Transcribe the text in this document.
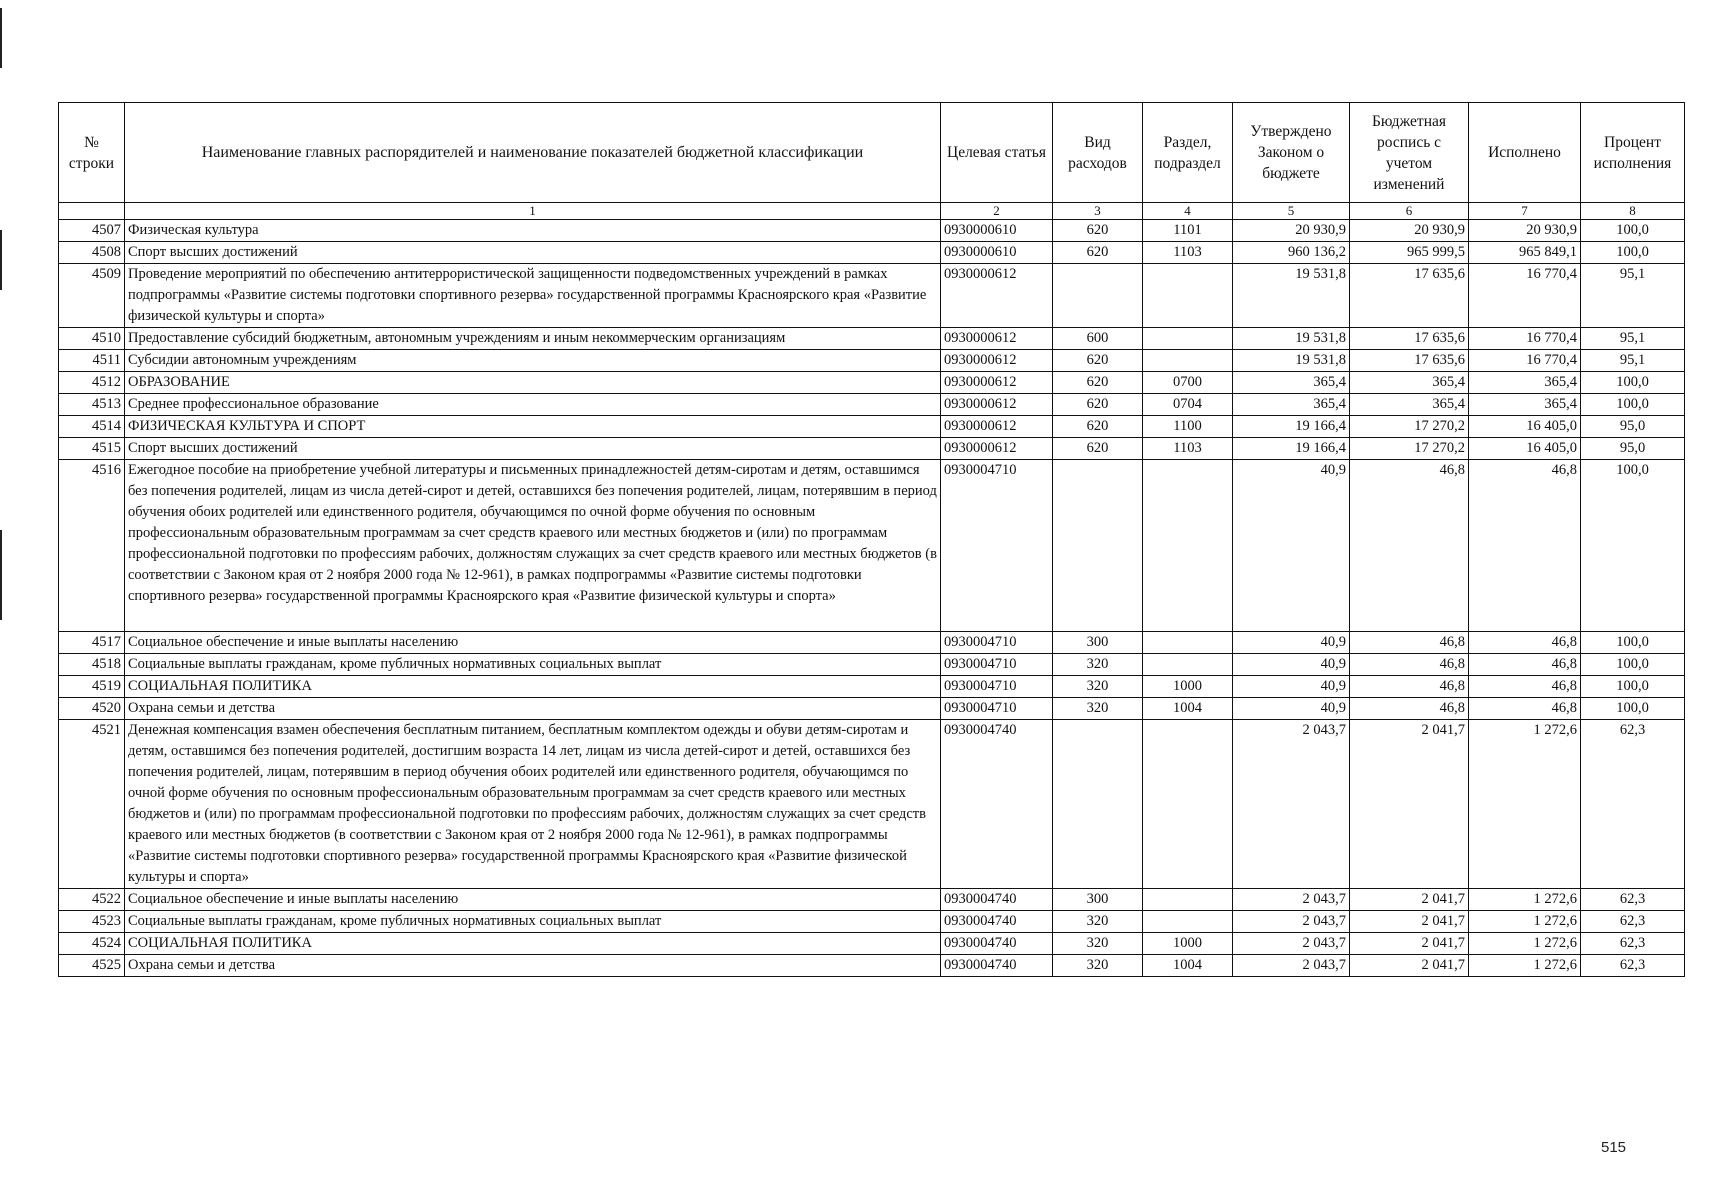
№ строки	Наименование главных распорядителей и наименование показателей бюджетной классификации	Целевая статья	Вид расходов	Раздел, подраздел	Утверждено Законом о бюджете	Бюджетная роспись с учетом изменений	Исполнено	Процент исполнения
	1	2	3	4	5	6	7	8
4507	Физическая культура	0930000610	620	1101	20 930,9	20 930,9	20 930,9	100,0
4508	Спорт высших достижений	0930000610	620	1103	960 136,2	965 999,5	965 849,1	100,0
4509	Проведение мероприятий по обеспечению антитеррористической защищенности подведомственных учреждений в рамках подпрограммы «Развитие системы подготовки спортивного резерва» государственной программы Красноярского края «Развитие физической культуры и спорта»	0930000612			19 531,8	17 635,6	16 770,4	95,1
4510	Предоставление субсидий бюджетным, автономным учреждениям и иным некоммерческим организациям	0930000612	600		19 531,8	17 635,6	16 770,4	95,1
4511	Субсидии автономным учреждениям	0930000612	620		19 531,8	17 635,6	16 770,4	95,1
4512	ОБРАЗОВАНИЕ	0930000612	620	0700	365,4	365,4	365,4	100,0
4513	Среднее профессиональное образование	0930000612	620	0704	365,4	365,4	365,4	100,0
4514	ФИЗИЧЕСКАЯ КУЛЬТУРА И СПОРТ	0930000612	620	1100	19 166,4	17 270,2	16 405,0	95,0
4515	Спорт высших достижений	0930000612	620	1103	19 166,4	17 270,2	16 405,0	95,0
4516	Ежегодное пособие на приобретение учебной литературы и письменных принадлежностей детям-сиротам и детям, оставшимся без попечения родителей, лицам из числа детей-сирот и детей, оставшихся без попечения родителей, лицам, потерявшим в период обучения обоих родителей или единственного родителя, обучающимся по очной форме обучения по основным профессиональным образовательным программам за счет средств краевого или местных бюджетов и (или) по программам профессиональной подготовки по профессиям рабочих, должностям служащих за счет средств краевого или местных бюджетов (в соответствии с Законом края от 2 ноября 2000 года № 12-961), в рамках подпрограммы «Развитие системы подготовки спортивного резерва» государственной программы Красноярского края «Развитие физической культуры и спорта»	0930004710			40,9	46,8	46,8	100,0
4517	Социальное обеспечение и иные выплаты населению	0930004710	300		40,9	46,8	46,8	100,0
4518	Социальные выплаты гражданам, кроме публичных нормативных социальных выплат	0930004710	320		40,9	46,8	46,8	100,0
4519	СОЦИАЛЬНАЯ ПОЛИТИКА	0930004710	320	1000	40,9	46,8	46,8	100,0
4520	Охрана семьи и детства	0930004710	320	1004	40,9	46,8	46,8	100,0
4521	Денежная компенсация взамен обеспечения бесплатным питанием, бесплатным комплектом одежды и обуви детям-сиротам и детям, оставшимся без попечения родителей, достигшим возраста 14 лет, лицам из числа детей-сирот и детей, оставшихся без попечения родителей, лицам, потерявшим в период обучения обоих родителей или единственного родителя, обучающимся по очной форме обучения по основным профессиональным образовательным программам за счет средств краевого или местных бюджетов и (или) по программам профессиональной подготовки по профессиям рабочих, должностям служащих за счет средств краевого или местных бюджетов (в соответствии с Законом края от 2 ноября 2000 года № 12-961), в рамках подпрограммы «Развитие системы подготовки спортивного резерва» государственной программы Красноярского края «Развитие физической культуры и спорта»	0930004740			2 043,7	2 041,7	1 272,6	62,3
4522	Социальное обеспечение и иные выплаты населению	0930004740	300		2 043,7	2 041,7	1 272,6	62,3
4523	Социальные выплаты гражданам, кроме публичных нормативных социальных выплат	0930004740	320		2 043,7	2 041,7	1 272,6	62,3
4524	СОЦИАЛЬНАЯ ПОЛИТИКА	0930004740	320	1000	2 043,7	2 041,7	1 272,6	62,3
4525	Охрана семьи и детства	0930004740	320	1004	2 043,7	2 041,7	1 272,6	62,3
515
